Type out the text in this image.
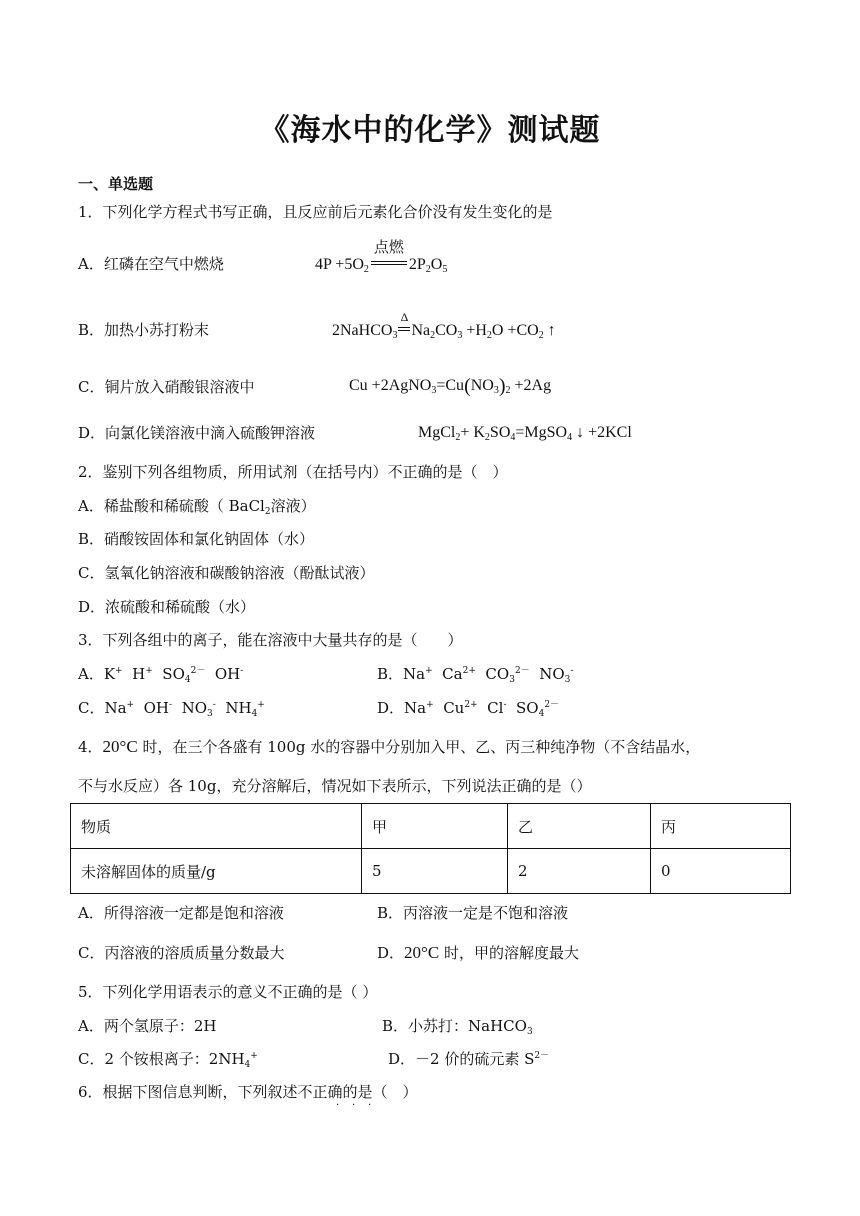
《海水中的化学》测试题
一、单选题
1．下列化学方程式书写正确，且反应前后元素化合价没有发生变化的是
A．红磷在空气中燃烧	$4P +5O_2$
点燃
$2P_2O_5$
B．加热小苏打粉末	2NaHCO$_3$
Δ
$Na_2CO_3 +H_2O +CO_2$ ↑
C．铜片放入硝酸银溶液中	$Cu +2AgNO_3=Cu(NO_3)_2 +2Ag$
D．向氯化镁溶液中滴入硫酸钾溶液	MgCl$_2$+ $K_2SO_4=MgSO_4$ ↓ +2KCl
2．鉴别下列各组物质，所用试剂（在括号内）不正确的是（　）
A．稀盐酸和稀硫酸（ BaCl$_2$溶液）
B．硝酸铵固体和氯化钠固体（水）
C．氢氧化钠溶液和碳酸钠溶液（酚酞试液）
D．浓硫酸和稀硫酸（水）
3．下列各组中的离子，能在溶液中大量共存的是（　　）
A．K+  H+  $SO_4^{2-}$  OH-	B．Na+  $Ca^{2+}$  $CO_3^{2-}$  $NO_3^-$
C．Na+  OH-  $NO_3^-$  $NH_4^+$	D．Na+  $Cu^{2+}$  Cl-  $SO_4^{2-}$
4．20°C 时，在三个各盛有 100g 水的容器中分别加入甲、乙、丙三种纯净物（不含结晶水，
不与水反应）各 10g，充分溶解后，情况如下表所示，下列说法正确的是（）
物质	甲	乙	丙
未溶解固体的质量/g	5	2	0
A．所得溶液一定都是饱和溶液	B．丙溶液一定是不饱和溶液
C．丙溶液的溶质质量分数最大	D．20°C 时，甲的溶解度最大
5．下列化学用语表示的意义不正确的是（ ）
A．两个氢原子：2H	B．小苏打：NaHCO$_3$
C．2 个铵根离子：$2NH_4^+$	D．－2 价的硫元素 $S^{2-}$
6．根据下图信息判断，下列叙述不正确的是（　）
· · ·
